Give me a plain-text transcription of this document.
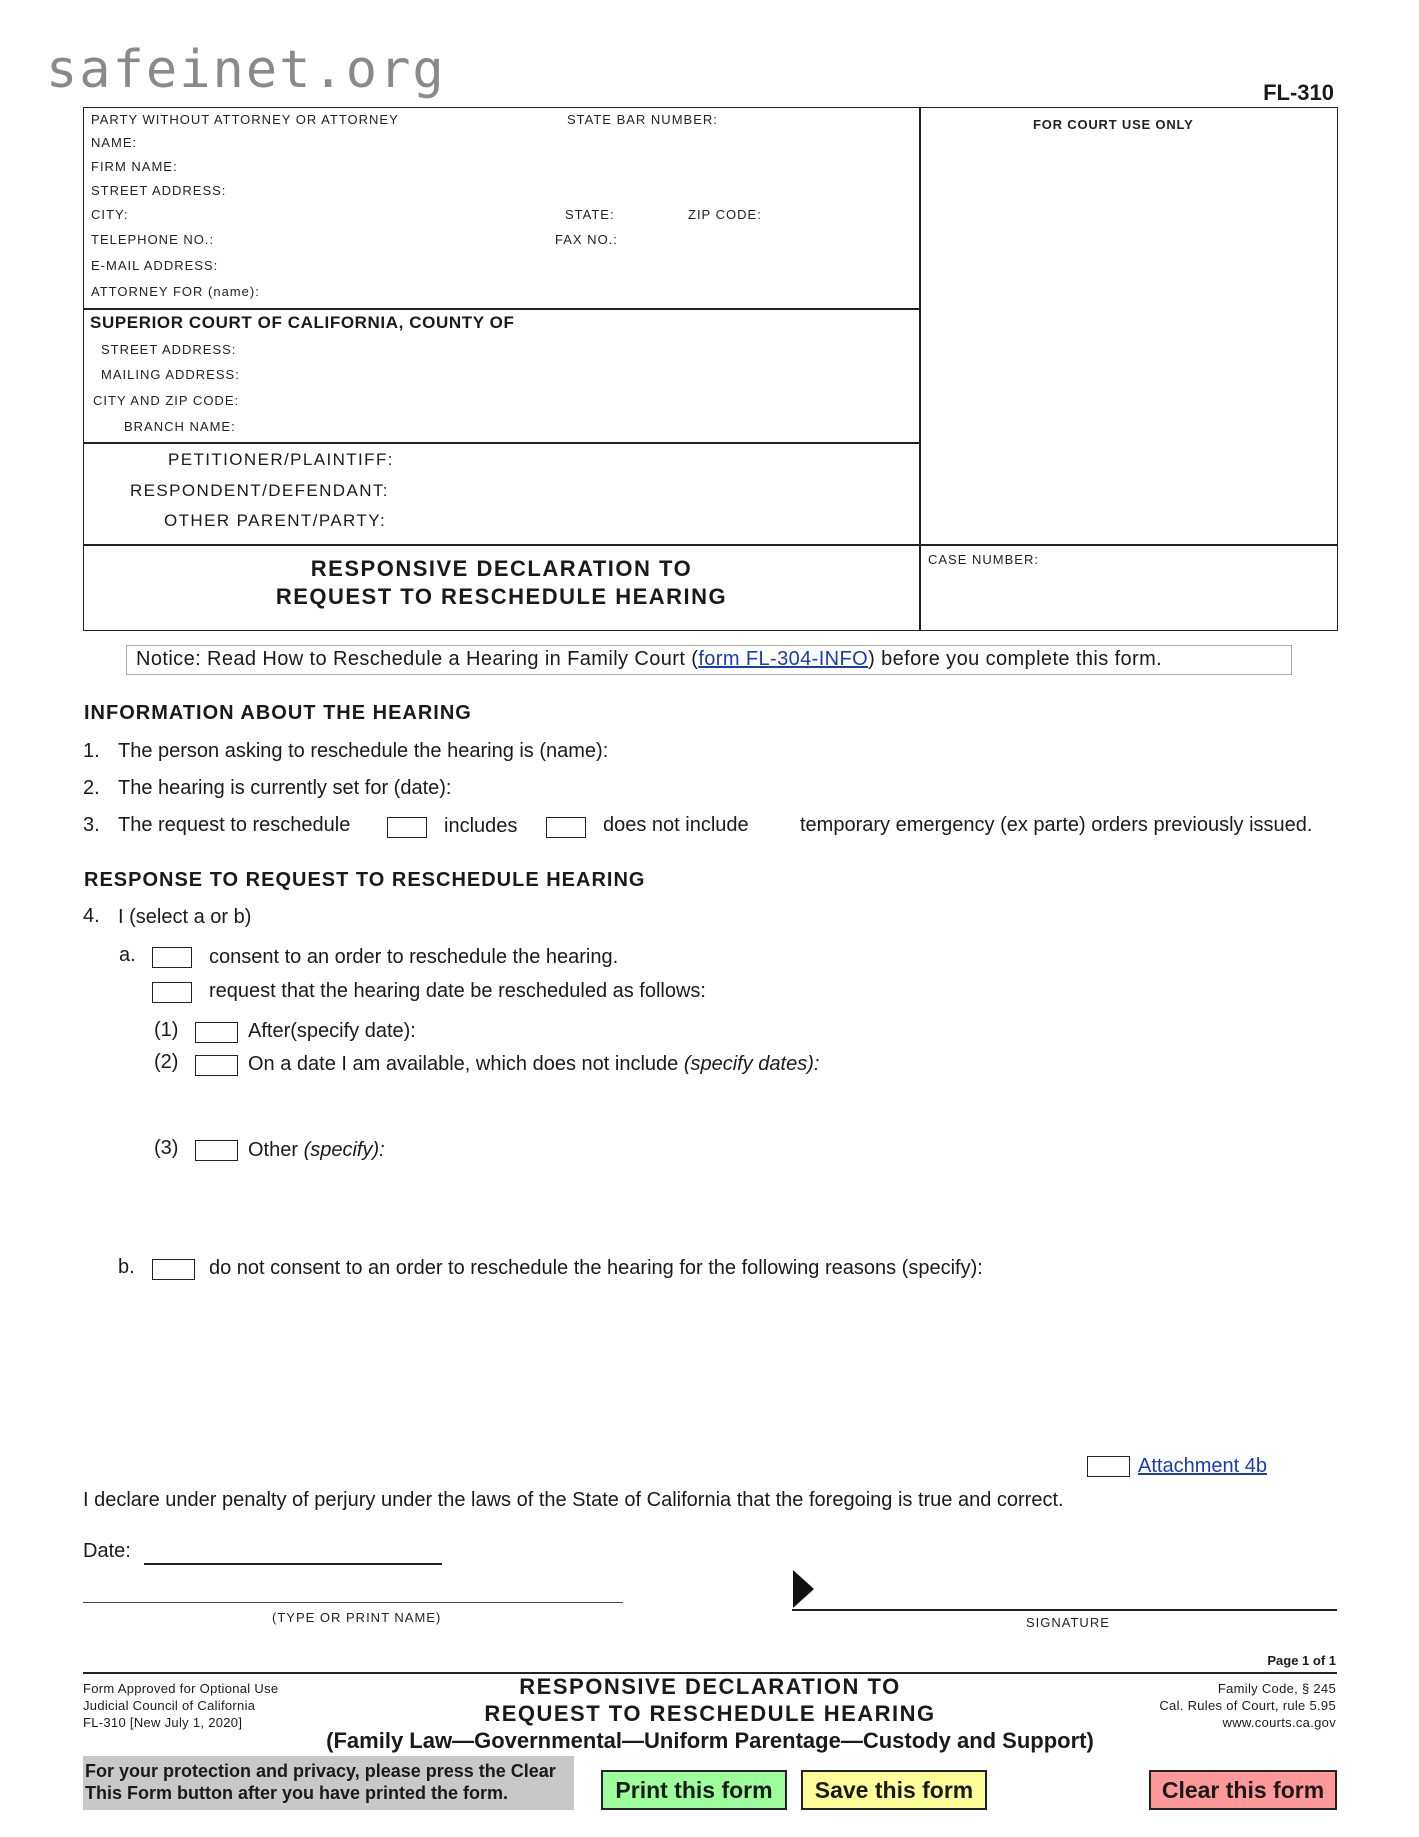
safeinet.org	FL-310
PARTY WITHOUT ATTORNEY OR ATTORNEY	STATE BAR NUMBER:
NAME:
FIRM NAME:
STREET ADDRESS:
CITY:	STATE:	ZIP CODE:
TELEPHONE NO.:	FAX NO.:
E-MAIL ADDRESS:
ATTORNEY FOR (name):
FOR COURT USE ONLY
SUPERIOR COURT OF CALIFORNIA, COUNTY OF
STREET ADDRESS:
MAILING ADDRESS:
CITY AND ZIP CODE:
BRANCH NAME:
PETITIONER/PLAINTIFF:
RESPONDENT/DEFENDANT:
OTHER PARENT/PARTY:
RESPONSIVE DECLARATION TO
REQUEST TO RESCHEDULE HEARING
CASE NUMBER:
Notice: Read How to Reschedule a Hearing in Family Court (form FL-304-INFO) before you complete this form.
INFORMATION ABOUT THE HEARING
1. The person asking to reschedule the hearing is (name):
2. The hearing is currently set for (date):
3. The request to reschedule	includes	does not include	temporary emergency (ex parte) orders previously issued.
RESPONSE TO REQUEST TO RESCHEDULE HEARING
4. I (select a or b)
a.	consent to an order to reschedule the hearing.
request that the hearing date be rescheduled as follows:
(1)	After(specify date):
(2)	On a date I am available, which does not include (specify dates):
(3)	Other (specify):
b.	do not consent to an order to reschedule the hearing for the following reasons (specify):
Attachment 4b
I declare under penalty of perjury under the laws of the State of California that the foregoing is true and correct.
Date:
(TYPE OR PRINT NAME)	SIGNATURE
Page 1 of 1
Form Approved for Optional Use
Judicial Council of California
FL-310 [New July 1, 2020]
RESPONSIVE DECLARATION TO
REQUEST TO RESCHEDULE HEARING
(Family Law—Governmental—Uniform Parentage—Custody and Support)
Family Code, § 245
Cal. Rules of Court, rule 5.95
www.courts.ca.gov
For your protection and privacy, please press the Clear
This Form button after you have printed the form.	Print this form	Save this form	Clear this form
